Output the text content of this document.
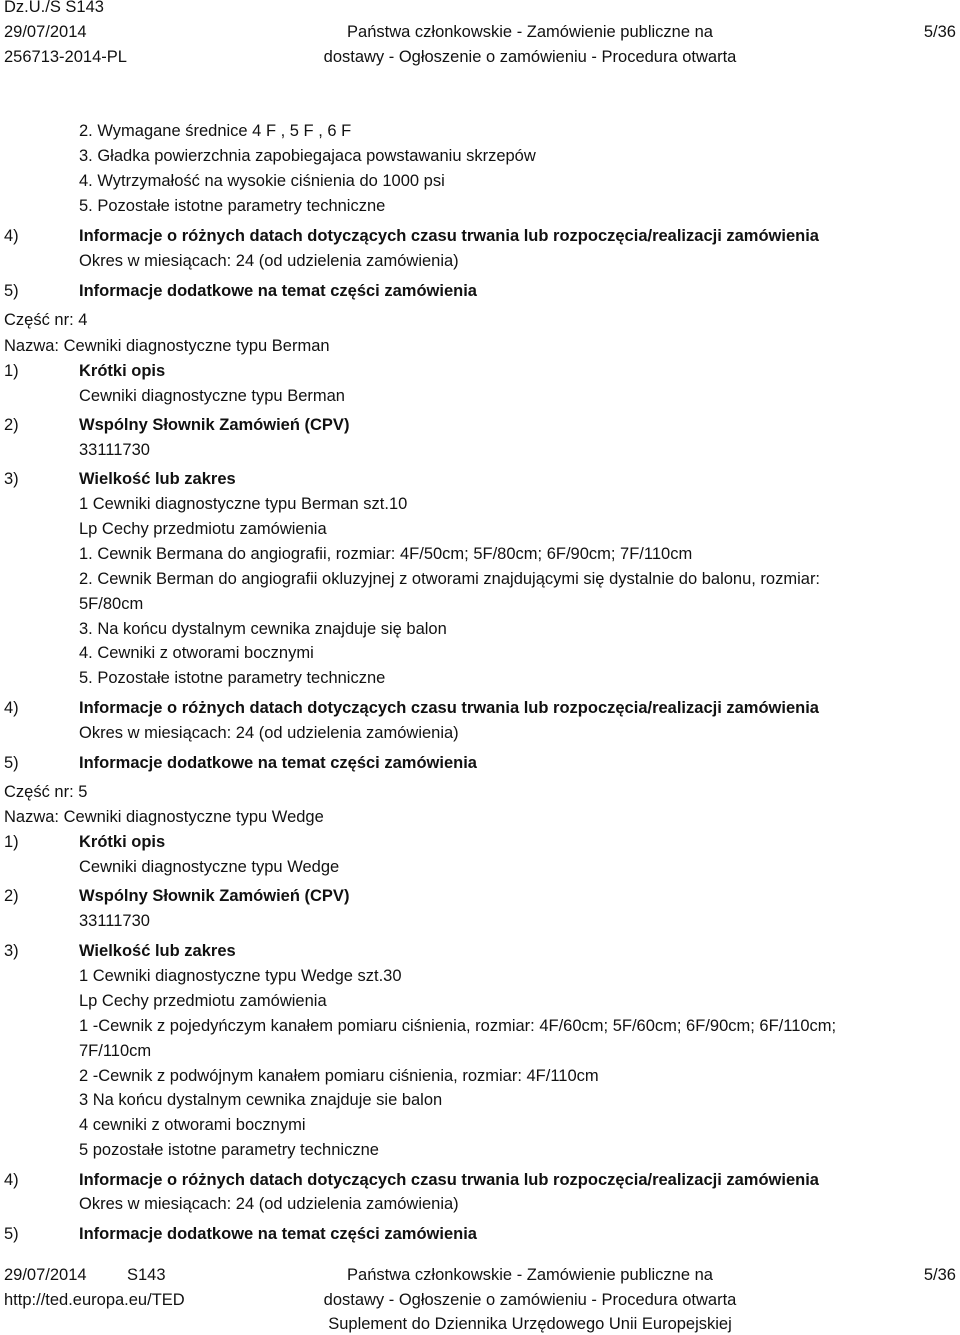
Dz.U./S S143
29/07/2014
256713-2014-PL
Państwa członkowskie - Zamówienie publiczne na
dostawy - Ogłoszenie o zamówieniu - Procedura otwarta
5/36
2. Wymagane średnice 4 F , 5 F , 6 F
3. Gładka powierzchnia zapobiegajaca powstawaniu skrzepów
4. Wytrzymałość na wysokie ciśnienia do 1000 psi
5. Pozostałe istotne parametry techniczne
4)	Informacje o różnych datach dotyczących czasu trwania lub rozpoczęcia/realizacji zamówienia
Okres w miesiącach: 24 (od udzielenia zamówienia)
5)	Informacje dodatkowe na temat części zamówienia
Część nr: 4
Nazwa: Cewniki diagnostyczne typu Berman
1)	Krótki opis
Cewniki diagnostyczne typu Berman
2)	Wspólny Słownik Zamówień (CPV)
33111730
3)	Wielkość lub zakres
1 Cewniki diagnostyczne typu Berman szt.10
Lp Cechy przedmiotu zamówienia
1. Cewnik Bermana do angiografii, rozmiar: 4F/50cm; 5F/80cm; 6F/90cm; 7F/110cm
2. Cewnik Berman do angiografii okluzyjnej z otworami znajdującymi się dystalnie do balonu, rozmiar:
5F/80cm
3. Na końcu dystalnym cewnika znajduje się balon
4. Cewniki z otworami bocznymi
5. Pozostałe istotne parametry techniczne
4)	Informacje o różnych datach dotyczących czasu trwania lub rozpoczęcia/realizacji zamówienia
Okres w miesiącach: 24 (od udzielenia zamówienia)
5)	Informacje dodatkowe na temat części zamówienia
Część nr: 5
Nazwa: Cewniki diagnostyczne typu Wedge
1)	Krótki opis
Cewniki diagnostyczne typu Wedge
2)	Wspólny Słownik Zamówień (CPV)
33111730
3)	Wielkość lub zakres
1 Cewniki diagnostyczne typu Wedge szt.30
Lp Cechy przedmiotu zamówienia
1 -Cewnik z pojedyńczym kanałem pomiaru ciśnienia, rozmiar: 4F/60cm; 5F/60cm; 6F/90cm; 6F/110cm;
7F/110cm
2 -Cewnik z podwójnym kanałem pomiaru ciśnienia, rozmiar: 4F/110cm
3 Na końcu dystalnym cewnika znajduje sie balon
4 cewniki z otworami bocznymi
5 pozostałe istotne parametry techniczne
4)	Informacje o różnych datach dotyczących czasu trwania lub rozpoczęcia/realizacji zamówienia
Okres w miesiącach: 24 (od udzielenia zamówienia)
5)	Informacje dodatkowe na temat części zamówienia
29/07/2014 S143
http://ted.europa.eu/TED
Państwa członkowskie - Zamówienie publiczne na
dostawy - Ogłoszenie o zamówieniu - Procedura otwarta
Suplement do Dziennika Urzędowego Unii Europejskiej
5/36
